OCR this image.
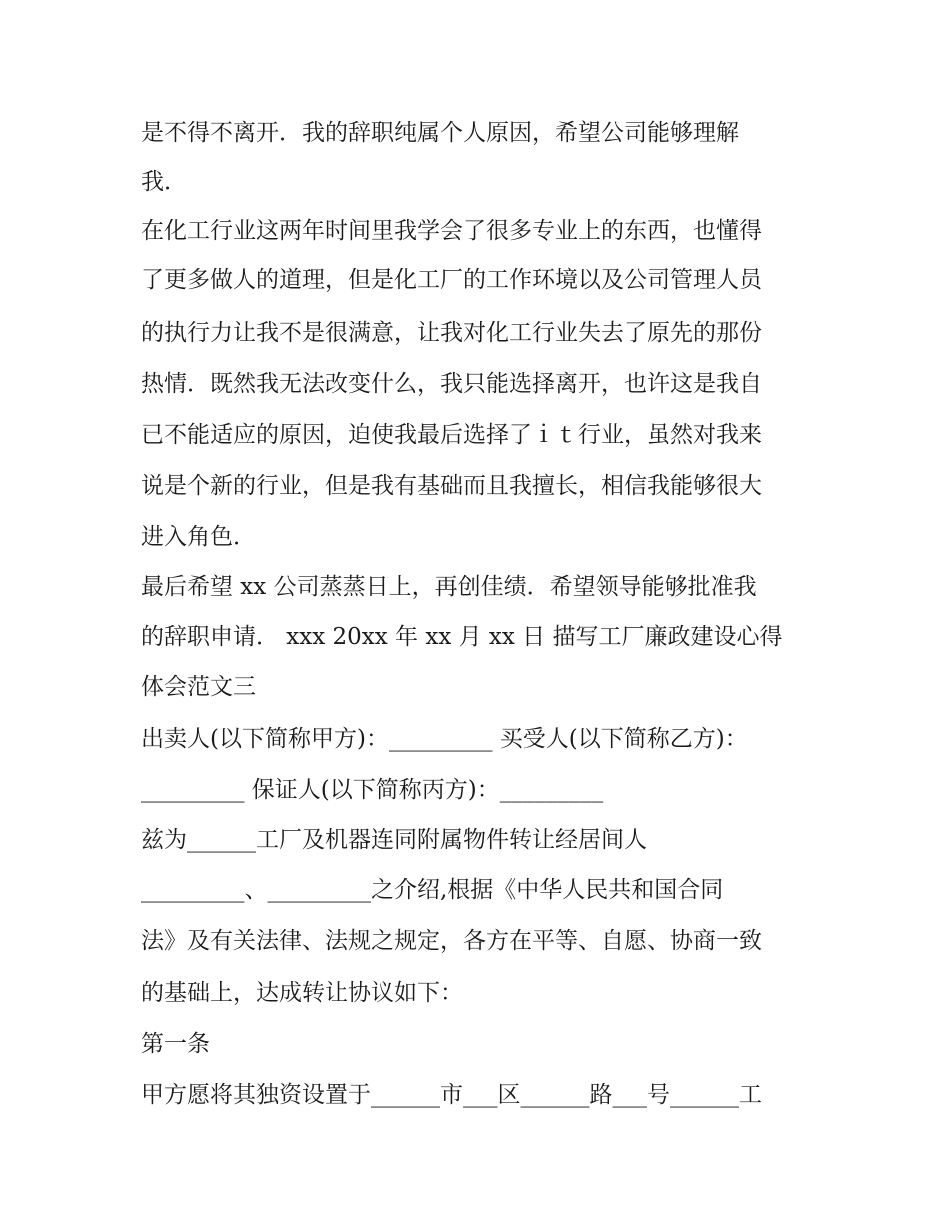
是不得不离开．我的辞职纯属个人原因，希望公司能够理解
我．
在化工行业这两年时间里我学会了很多专业上的东西，也懂得
了更多做人的道理，但是化工厂的工作环境以及公司管理人员
的执行力让我不是很满意，让我对化工行业失去了原先的那份
热情．既然我无法改变什么，我只能选择离开，也许这是我自
已不能适应的原因，迫使我最后选择了ｉｔ行业，虽然对我来
说是个新的行业，但是我有基础而且我擅长，相信我能够很大
进入角色．
最后希望 xx 公司蒸蒸日上，再创佳绩．希望领导能够批准我
的辞职申请． xxx 20xx 年 xx 月 xx 日 描写工厂廉政建设心得
体会范文三
出卖人(以下简称甲方)：_________ 买受人(以下简称乙方)：
_________ 保证人(以下简称丙方)：_________
兹为______工厂及机器连同附属物件转让经居间人
_________、_________之介绍,根据《中华人民共和国合同
法》及有关法律、法规之规定，各方在平等、自愿、协商一致
的基础上，达成转让协议如下：
第一条
甲方愿将其独资设置于______市___区______路___号______工
